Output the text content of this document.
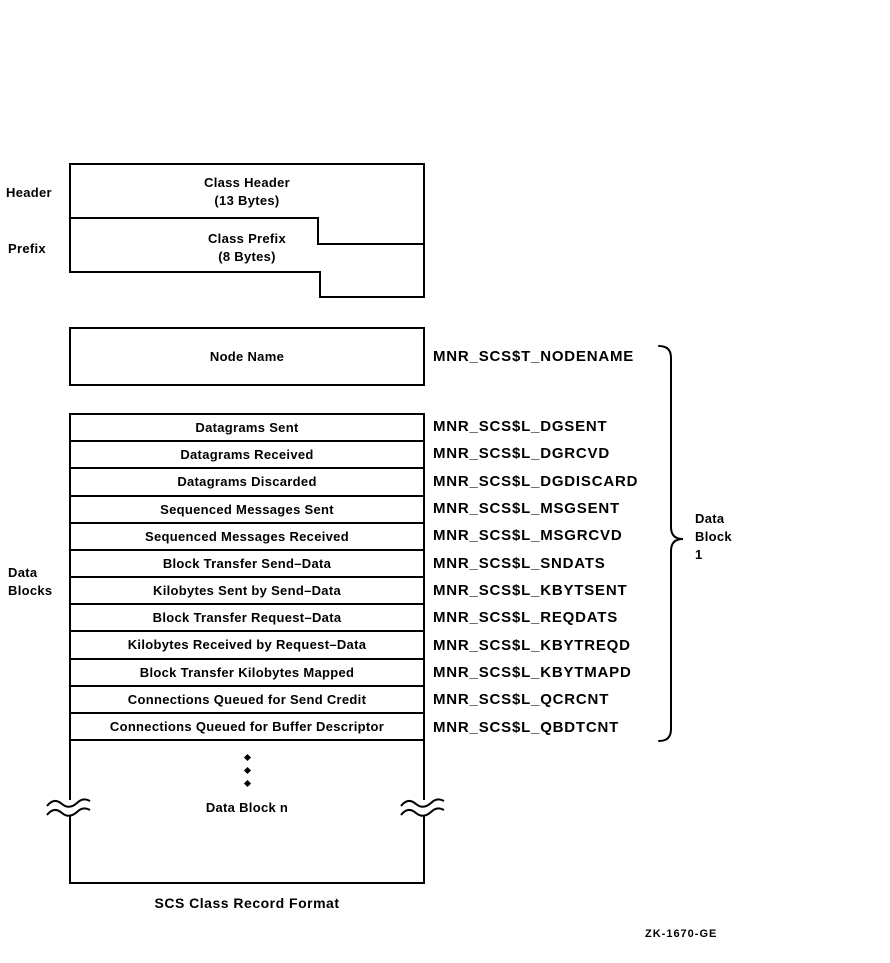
Header
Prefix
Data
Blocks
Class Header
(13 Bytes)
Class Prefix
(8 Bytes)
Node Name	MNR_SCS$T_NODENAME
Datagrams Sent
Datagrams Received
Datagrams Discarded
Sequenced Messages Sent
Sequenced Messages Received
Block Transfer Send–Data
Kilobytes Sent by Send–Data
Block Transfer Request–Data
Kilobytes Received by Request–Data
Block Transfer Kilobytes Mapped
Connections Queued for Send Credit
Connections Queued for Buffer Descriptor
MNR_SCS$L_DGSENT
MNR_SCS$L_DGRCVD
MNR_SCS$L_DGDISCARD
MNR_SCS$L_MSGSENT
MNR_SCS$L_MSGRCVD
MNR_SCS$L_SNDATS
MNR_SCS$L_KBYTSENT
MNR_SCS$L_REQDATS
MNR_SCS$L_KBYTREQD
MNR_SCS$L_KBYTMAPD
MNR_SCS$L_QCRCNT
MNR_SCS$L_QBDTCNT
Data Block n
SCS Class Record Format
Data
Block
1
ZK-1670-GE
